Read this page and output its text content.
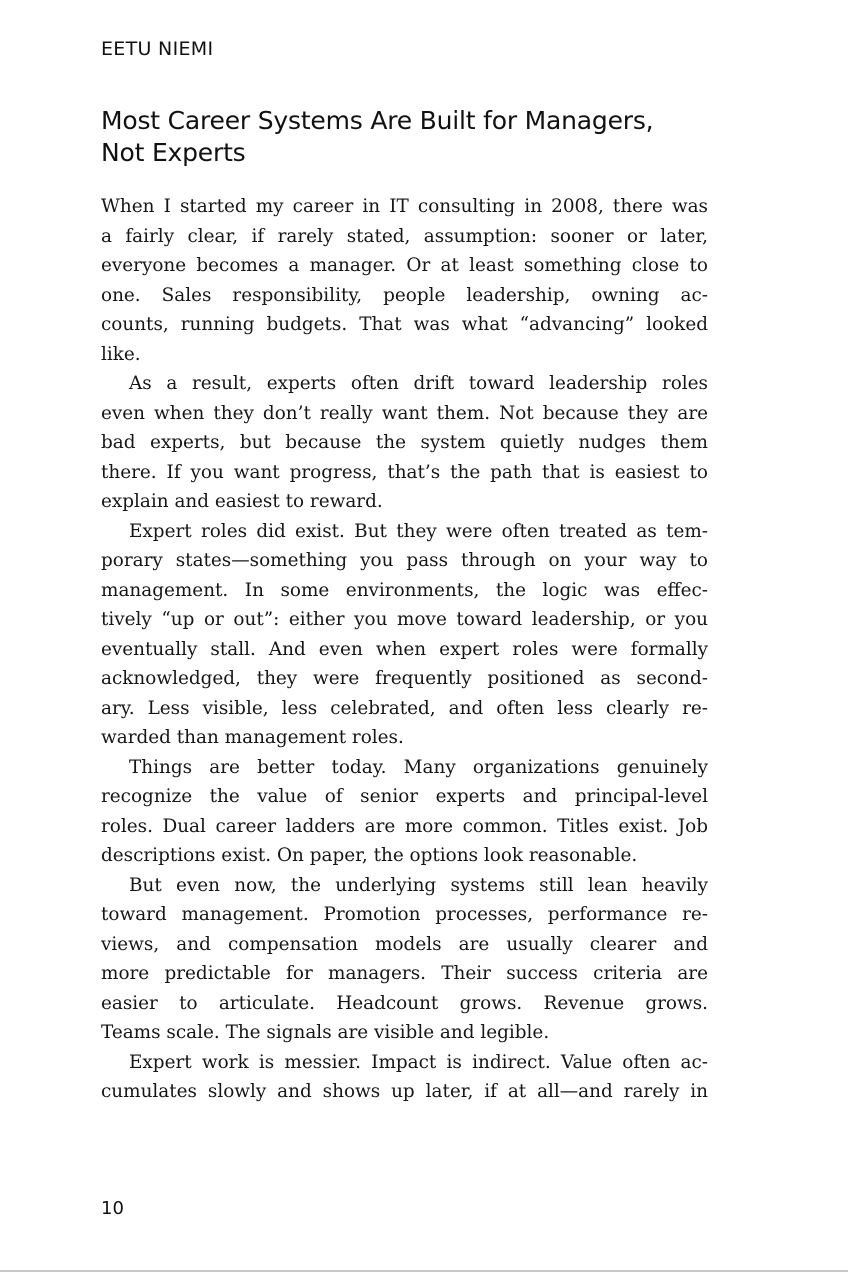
EETU NIEMI
Most Career Systems Are Built for Managers,
Not Experts

When I started my career in IT consulting in 2008, there was
a fairly clear, if rarely stated, assumption: sooner or later,
everyone becomes a manager. Or at least something close to
one. Sales responsibility, people leadership, owning ac-
counts, running budgets. That was what “advancing” looked
like.

As a result, experts often drift toward leadership roles
even when they don’t really want them. Not because they are
bad experts, but because the system quietly nudges them
there. If you want progress, that’s the path that is easiest to
explain and easiest to reward.

Expert roles did exist. But they were often treated as tem-
porary states—something you pass through on your way to
management. In some environments, the logic was effec-
tively “up or out”: either you move toward leadership, or you
eventually stall. And even when expert roles were formally
acknowledged, they were frequently positioned as second-
ary. Less visible, less celebrated, and often less clearly re-
warded than management roles.

Things are better today. Many organizations genuinely
recognize the value of senior experts and principal-level
roles. Dual career ladders are more common. Titles exist. Job
descriptions exist. On paper, the options look reasonable.

But even now, the underlying systems still lean heavily
toward management. Promotion processes, performance re-
views, and compensation models are usually clearer and
more predictable for managers. Their success criteria are
easier to articulate. Headcount grows. Revenue grows.
Teams scale. The signals are visible and legible.

Expert work is messier. Impact is indirect. Value often ac-
cumulates slowly and shows up later, if at all—and rarely in

10
